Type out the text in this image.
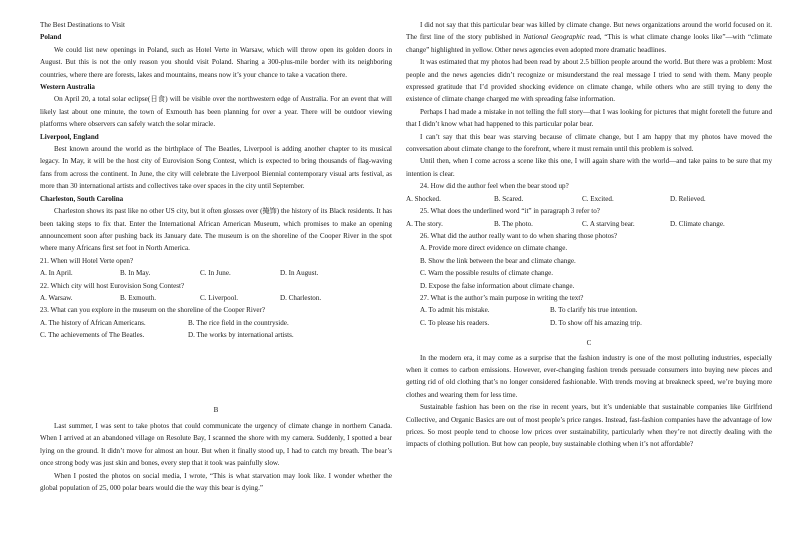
The Best Destinations to Visit

Poland

We could list new openings in Poland, such as Hotel Verte in Warsaw, which will throw open its golden doors in August. But this is not the only reason you should visit Poland. Sharing a 300-plus-mile border with its neighboring countries, where there are forests, lakes and mountains, means now it’s your chance to take a vacation there.

Western Australia

On April 20, a total solar eclipse(日食) will be visible over the northwestern edge of Australia. For an event that will likely last about one minute, the town of Exmouth has been planning for over a year. There will be outdoor viewing platforms where observers can safely watch the solar miracle.

Liverpool, England

Best known around the world as the birthplace of The Beatles, Liverpool is adding another chapter to its musical legacy. In May, it will be the host city of Eurovision Song Contest, which is expected to bring thousands of flag-waving fans from across the continent. In June, the city will celebrate the Liverpool Biennial contemporary visual arts festival, as more than 30 international artists and collectives take over spaces in the city until September.

Charleston, South Carolina

Charleston shows its past like no other US city, but it often glosses over (掩饰) the history of its Black residents. It has been taking steps to fix that. Enter the International African American Museum, which promises to make an opening announcement soon after pushing back its January date. The museum is on the shoreline of the Cooper River in the spot where many Africans first set foot in North America.

21. When will Hotel Verte open?

A. In April.	B. In May.	C. In June.	D. In August.

22. Which city will host Eurovision Song Contest?

A. Warsaw.	B. Exmouth.	C. Liverpool.	D. Charleston.

23. What can you explore in the museum on the shoreline of the Cooper River?

A. The history of African Americans.	B. The rice field in the countryside.
C. The achievements of The Beatles.	D. The works by international artists.

B

Last summer, I was sent to take photos that could communicate the urgency of climate change in northern Canada. When I arrived at an abandoned village on Resolute Bay, I scanned the shore with my camera. Suddenly, I spotted a bear lying on the ground. It didn’t move for almost an hour. But when it finally stood up, I had to catch my breath. The bear’s once strong body was just skin and bones, every step that it took was painfully slow.

When I posted the photos on social media, I wrote, “This is what starvation may look like. I wonder whether the global population of 25, 000 polar bears would die the way this bear is dying.”

I did not say that this particular bear was killed by climate change. But news organizations around the world focused on it. The first line of the story published in National Geographic read, “This is what climate change looks like”—with “climate change” highlighted in yellow. Other news agencies even adopted more dramatic headlines.

It was estimated that my photos had been read by about 2.5 billion people around the world. But there was a problem: Most people and the news agencies didn’t recognize or misunderstand the real message I tried to send with them. Many people expressed gratitude that I’d provided shocking evidence on climate change, while others who are still trying to deny the existence of climate change charged me with spreading false information.

Perhaps I had made a mistake in not telling the full story—that I was looking for pictures that might foretell the future and that I didn’t know what had happened to this particular polar bear.

I can’t say that this bear was starving because of climate change, but I am happy that my photos have moved the conversation about climate change to the forefront, where it must remain until this problem is solved.

Until then, when I come across a scene like this one, I will again share with the world—and take pains to be sure that my intention is clear.

24. How did the author feel when the bear stood up?

A. Shocked.	B. Scared.	C. Excited.	D. Relieved.

25. What does the underlined word “it” in paragraph 3 refer to?

A. The story.	B. The photo.	C. A starving bear.	D. Climate change.

26. What did the author really want to do when sharing those photos?

A. Provide more direct evidence on climate change.

B. Show the link between the bear and climate change.

C. Warn the possible results of climate change.

D. Expose the false information about climate change.

27. What is the author’s main purpose in writing the text?

A. To admit his mistake.	B. To clarify his true intention.
C. To please his readers.	D. To show off his amazing trip.

C

In the modern era, it may come as a surprise that the fashion industry is one of the most polluting industries, especially when it comes to carbon emissions. However, ever-changing fashion trends persuade consumers into buying new pieces and getting rid of old clothing that’s no longer considered fashionable. With trends moving at breakneck speed, we’re buying more clothes and wearing them for less time.

Sustainable fashion has been on the rise in recent years, but it’s undeniable that sustainable companies like Girlfriend Collective, and Organic Basics are out of most people’s price ranges. Instead, fast-fashion companies have the advantage of low prices. So most people tend to choose low prices over sustainability, particularly when they’re not directly dealing with the impacts of clothing pollution. But how can people, buy sustainable clothing when it’s not affordable?
